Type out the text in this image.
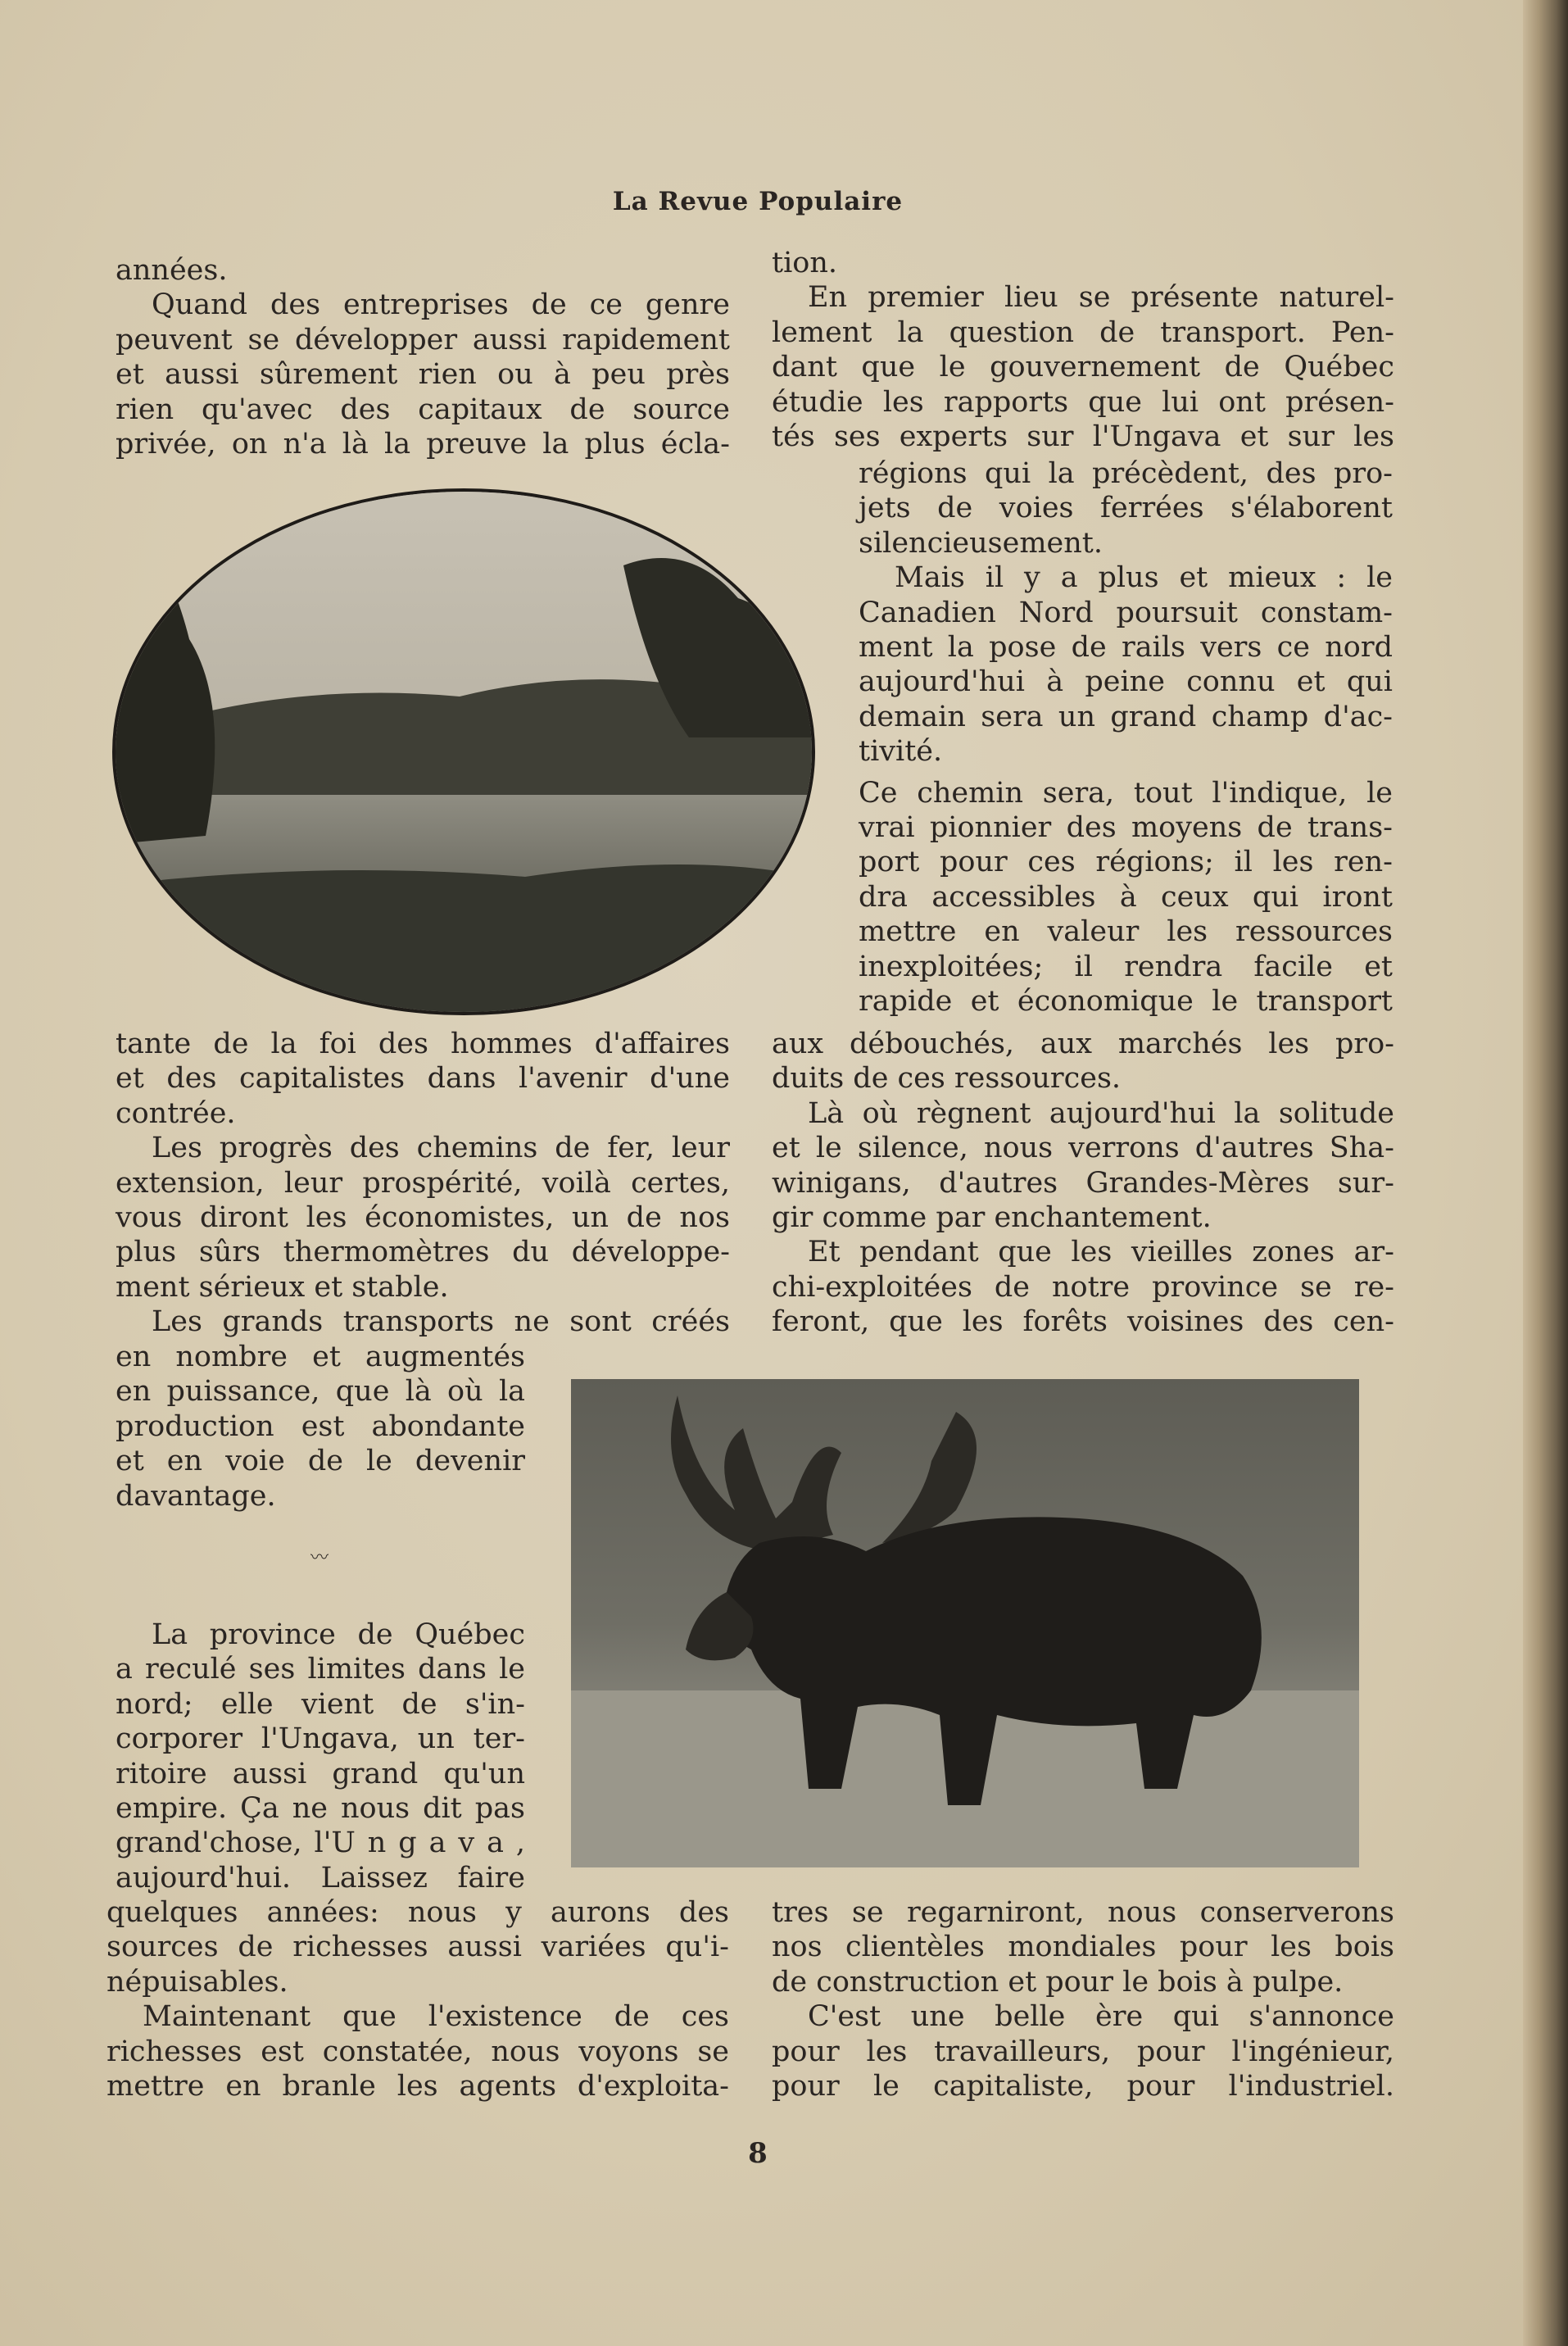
La Revue Populaire
années.
Quand des entreprises de ce genre
peuvent se développer aussi rapidement
et aussi sûrement rien ou à peu près
rien qu'avec des capitaux de source
privée, on n'a là la preuve la plus écla-
tante de la foi des hommes d'affaires
et des capitalistes dans l'avenir d'une
contrée.
Les progrès des chemins de fer, leur
extension, leur prospérité, voilà certes,
vous diront les économistes, un de nos
plus sûrs thermomètres du développe-
ment sérieux et stable.
Les grands transports ne sont créés
en nombre et augmentés
en puissance, que là où la
production est abondante
et en voie de le devenir
davantage.
〰
La province de Québec
a reculé ses limites dans le
nord; elle vient de s'in-
corporer l'Ungava, un ter-
ritoire aussi grand qu'un
empire. Ça ne nous dit pas
grand'chose, l'U n g a v a ,
aujourd'hui. Laissez faire
quelques années: nous y aurons des
sources de richesses aussi variées qu'i-
népuisables.
Maintenant que l'existence de ces
richesses est constatée, nous voyons se
mettre en branle les agents d'exploita-
tion.
En premier lieu se présente naturel-
lement la question de transport. Pen-
dant que le gouvernement de Québec
étudie les rapports que lui ont présen-
tés ses experts sur l'Ungava et sur les
régions qui la précèdent, des pro-
jets de voies ferrées s'élaborent
silencieusement.
Mais il y a plus et mieux : le
Canadien Nord poursuit constam-
ment la pose de rails vers ce nord
aujourd'hui à peine connu et qui
demain sera un grand champ d'ac-
tivité.
Ce chemin sera, tout l'indique, le
vrai pionnier des moyens de trans-
port pour ces régions; il les ren-
dra accessibles à ceux qui iront
mettre en valeur les ressources
inexploitées; il rendra facile et
rapide et économique le transport
aux débouchés, aux marchés les pro-
duits de ces ressources.
Là où règnent aujourd'hui la solitude
et le silence, nous verrons d'autres Sha-
winigans, d'autres Grandes-Mères sur-
gir comme par enchantement.
Et pendant que les vieilles zones ar-
chi-exploitées de notre province se re-
feront, que les forêts voisines des cen-
tres se regarniront, nous conserverons
nos clientèles mondiales pour les bois
de construction et pour le bois à pulpe.
C'est une belle ère qui s'annonce
pour les travailleurs, pour l'ingénieur,
pour le capitaliste, pour l'industriel.
8
